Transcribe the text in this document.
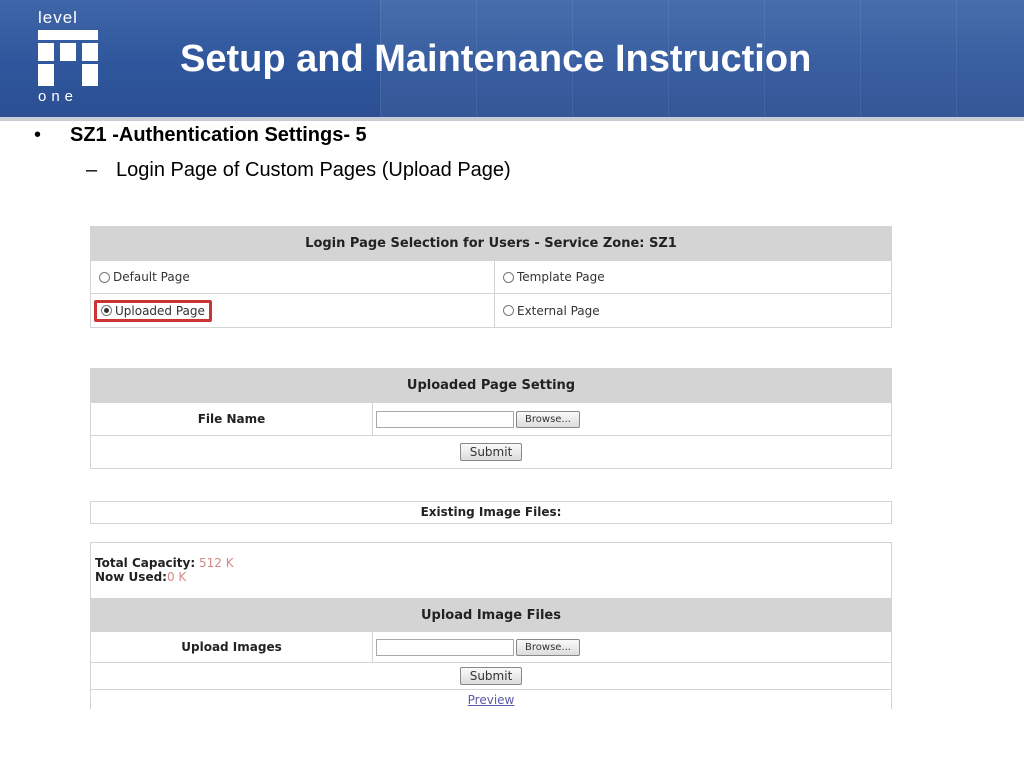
level
one
Setup and Maintenance Instruction
• SZ1 -Authentication Settings- 5
– Login Page of Custom Pages (Upload Page)
Login Page Selection for Users - Service Zone: SZ1
Default Page	Template Page
Uploaded Page	External Page
Uploaded Page Setting
File Name	Browse...
Submit
Existing Image Files:
Total Capacity: 512 K
Now Used:0 K
Upload Image Files
Upload Images	Browse...
Submit
Preview
